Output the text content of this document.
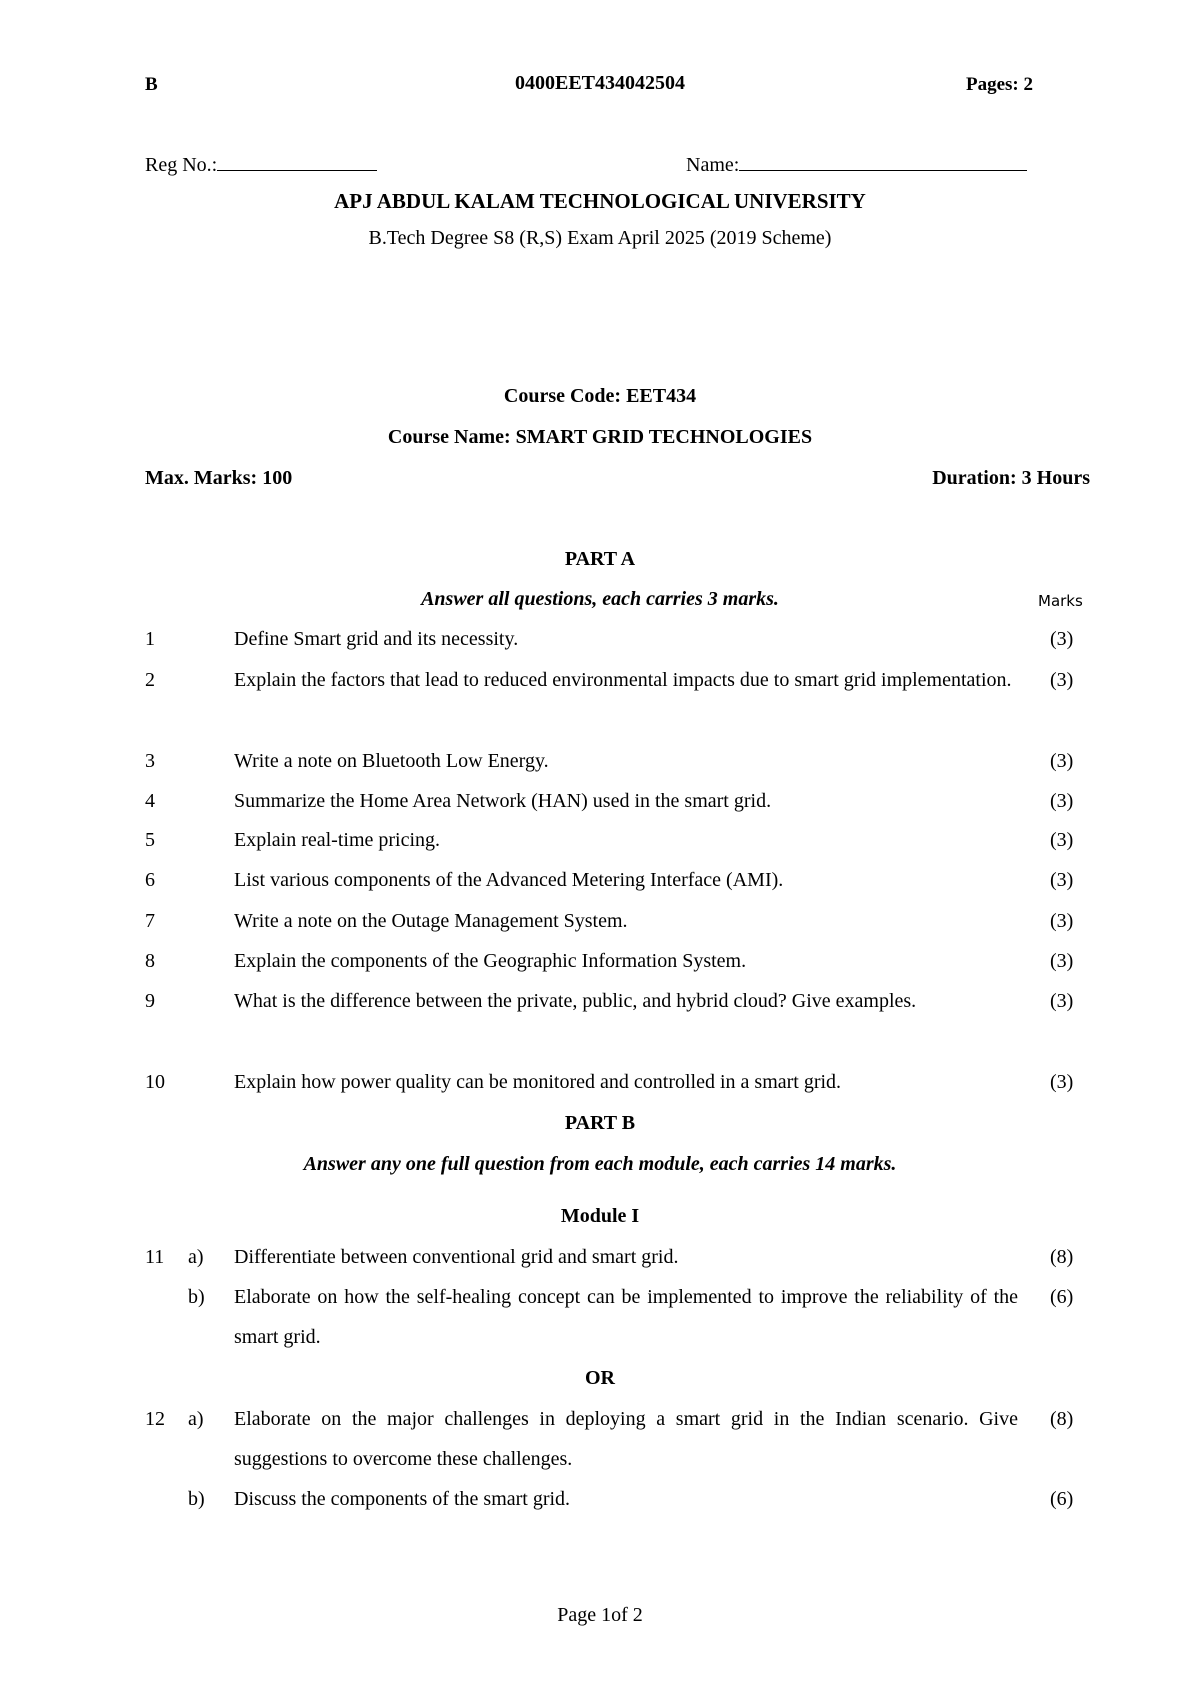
B	0400EET434042504	Pages: 2
Reg No.:	Name:
APJ ABDUL KALAM TECHNOLOGICAL UNIVERSITY
B.Tech Degree S8 (R,S) Exam April 2025 (2019 Scheme)
Course Code: EET434
Course Name: SMART GRID TECHNOLOGIES
Max. Marks: 100	Duration: 3 Hours
PART A
Answer all questions, each carries 3 marks.	Marks
1	Define Smart grid and its necessity.	(3)
2	Explain the factors that lead to reduced environmental impacts due to smart grid implementation.	(3)
3	Write a note on Bluetooth Low Energy.	(3)
4	Summarize the Home Area Network (HAN) used in the smart grid.	(3)
5	Explain real-time pricing.	(3)
6	List various components of the Advanced Metering Interface (AMI).	(3)
7	Write a note on the Outage Management System.	(3)
8	Explain the components of the Geographic Information System.	(3)
9	What is the difference between the private, public, and hybrid cloud? Give examples.	(3)
10	Explain how power quality can be monitored and controlled in a smart grid.	(3)
PART B
Answer any one full question from each module, each carries 14 marks.
Module I
11 a) Differentiate between conventional grid and smart grid.	(8)
b) Elaborate on how the self-healing concept can be implemented to improve the reliability of the smart grid.
(6)
OR
12 a) Elaborate on the major challenges in deploying a smart grid in the Indian scenario. Give suggestions to overcome these challenges.
(8)
b) Discuss the components of the smart grid.	(6)
Page 1of 2
